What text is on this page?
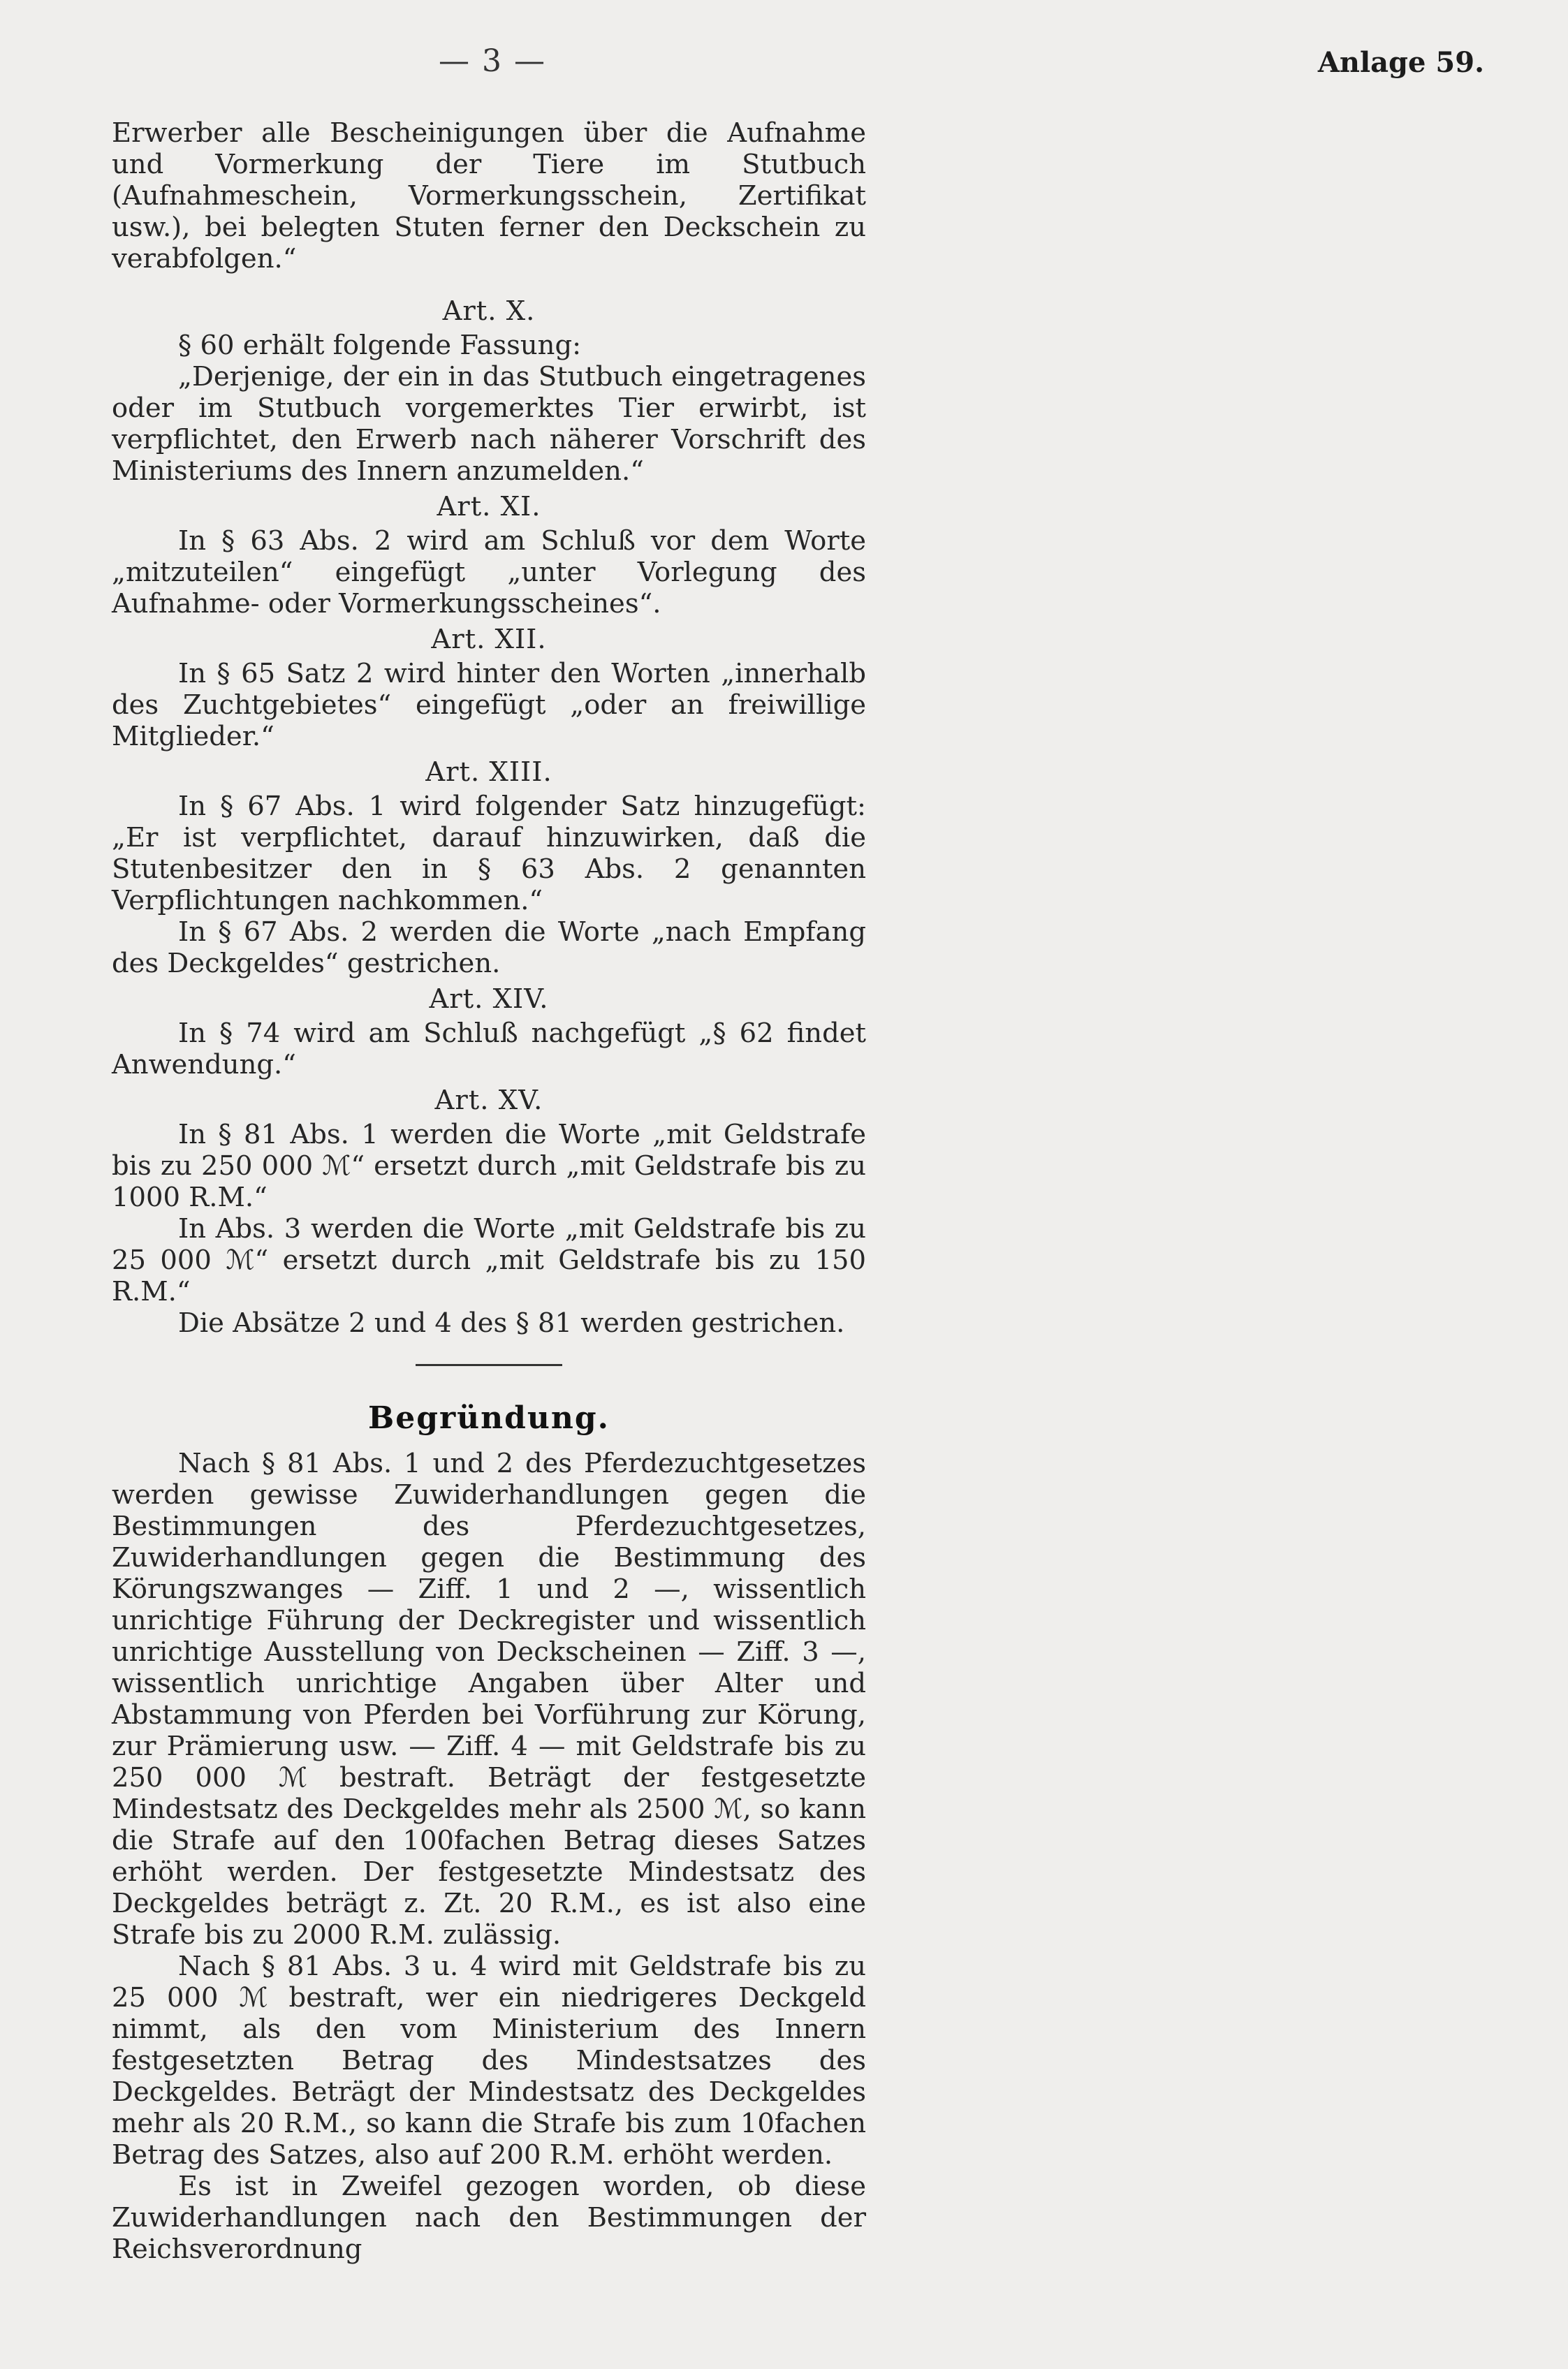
— 3 —	Anlage 59.

Erwerber alle Bescheinigungen über die Aufnahme und Vormerkung der Tiere im Stutbuch (Aufnahmeschein, Vormerkungsschein, Zertifikat usw.), bei belegten Stuten ferner den Deckschein zu verabfolgen.“

Art. X.

§ 60 erhält folgende Fassung:

„Derjenige, der ein in das Stutbuch eingetragenes oder im Stutbuch vorgemerktes Tier erwirbt, ist verpflichtet, den Erwerb nach näherer Vorschrift des Ministeriums des Innern anzumelden.“

Art. XI.

In § 63 Abs. 2 wird am Schluß vor dem Worte „mitzuteilen“ eingefügt „unter Vorlegung des Aufnahme- oder Vormerkungsscheines“.

Art. XII.

In § 65 Satz 2 wird hinter den Worten „innerhalb des Zuchtgebietes“ eingefügt „oder an freiwillige Mitglieder.“

Art. XIII.

In § 67 Abs. 1 wird folgender Satz hinzugefügt: „Er ist verpflichtet, darauf hinzuwirken, daß die Stutenbesitzer den in § 63 Abs. 2 genannten Verpflichtungen nachkommen.“

In § 67 Abs. 2 werden die Worte „nach Empfang des Deckgeldes“ gestrichen.

Art. XIV.

In § 74 wird am Schluß nachgefügt „§ 62 findet Anwendung.“

Art. XV.

In § 81 Abs. 1 werden die Worte „mit Geldstrafe bis zu 250 000 ℳ“ ersetzt durch „mit Geldstrafe bis zu 1000 R.M.“

In Abs. 3 werden die Worte „mit Geldstrafe bis zu 25 000 ℳ“ ersetzt durch „mit Geldstrafe bis zu 150 R.M.“

Die Absätze 2 und 4 des § 81 werden gestrichen.

Begründung.

Nach § 81 Abs. 1 und 2 des Pferdezuchtgesetzes werden gewisse Zuwiderhandlungen gegen die Bestimmungen des Pferdezuchtgesetzes, Zuwiderhandlungen gegen die Bestimmung des Körungszwanges — Ziff. 1 und 2 —, wissentlich unrichtige Führung der Deckregister und wissentlich unrichtige Ausstellung von Deckscheinen — Ziff. 3 —, wissentlich unrichtige Angaben über Alter und Abstammung von Pferden bei Vorführung zur Körung, zur Prämierung usw. — Ziff. 4 — mit Geldstrafe bis zu 250 000 ℳ bestraft. Beträgt der festgesetzte Mindestsatz des Deckgeldes mehr als 2500 ℳ, so kann die Strafe auf den 100fachen Betrag dieses Satzes erhöht werden. Der festgesetzte Mindestsatz des Deckgeldes beträgt z. Zt. 20 R.M., es ist also eine Strafe bis zu 2000 R.M. zulässig.

Nach § 81 Abs. 3 u. 4 wird mit Geldstrafe bis zu 25 000 ℳ bestraft, wer ein niedrigeres Deckgeld nimmt, als den vom Ministerium des Innern festgesetzten Betrag des Mindestsatzes des Deckgeldes. Beträgt der Mindestsatz des Deckgeldes mehr als 20 R.M., so kann die Strafe bis zum 10fachen Betrag des Satzes, also auf 200 R.M. erhöht werden.

Es ist in Zweifel gezogen worden, ob diese Zuwiderhandlungen nach den Bestimmungen der Reichsverordnung
